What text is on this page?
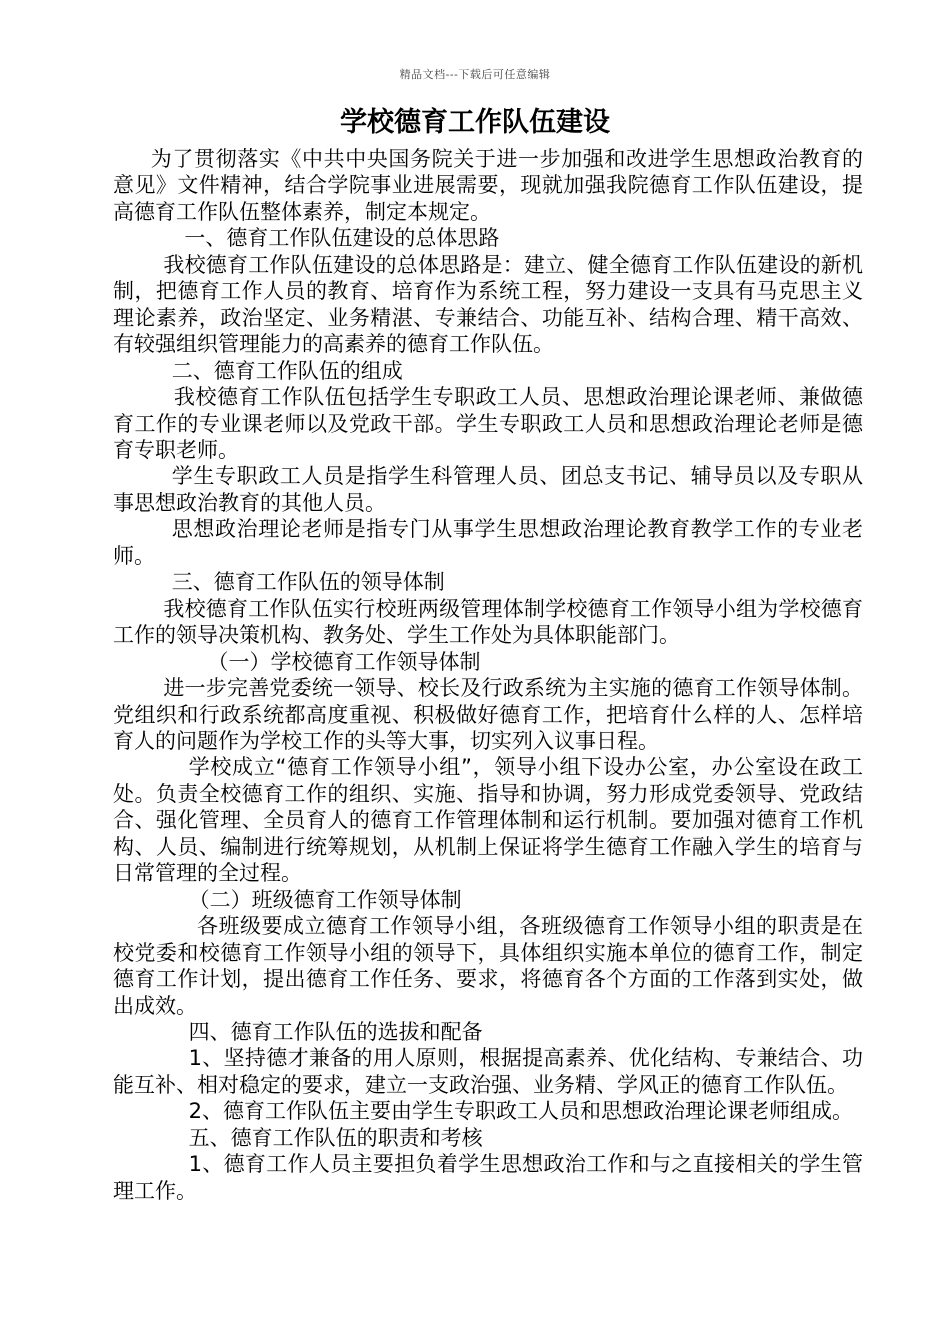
精品文档---下载后可任意编辑
学校德育工作队伍建设

为了贯彻落实《中共中央国务院关于进一步加强和改进学生思想政治教育的意见》文件精神，结合学院事业进展需要，现就加强我院德育工作队伍建设，提高德育工作队伍整体素养，制定本规定。

一、德育工作队伍建设的总体思路

我校德育工作队伍建设的总体思路是：建立、健全德育工作队伍建设的新机制，把德育工作人员的教育、培育作为系统工程，努力建设一支具有马克思主义理论素养，政治坚定、业务精湛、专兼结合、功能互补、结构合理、精干高效、有较强组织管理能力的高素养的德育工作队伍。

二、德育工作队伍的组成

我校德育工作队伍包括学生专职政工人员、思想政治理论课老师、兼做德育工作的专业课老师以及党政干部。学生专职政工人员和思想政治理论老师是德育专职老师。

学生专职政工人员是指学生科管理人员、团总支书记、辅导员以及专职从事思想政治教育的其他人员。

思想政治理论老师是指专门从事学生思想政治理论教育教学工作的专业老师。

三、德育工作队伍的领导体制

我校德育工作队伍实行校班两级管理体制学校德育工作领导小组为学校德育工作的领导决策机构、教务处、学生工作处为具体职能部门。

（一）学校德育工作领导体制

进一步完善党委统一领导、校长及行政系统为主实施的德育工作领导体制。党组织和行政系统都高度重视、积极做好德育工作，把培育什么样的人、怎样培育人的问题作为学校工作的头等大事，切实列入议事日程。

学校成立“德育工作领导小组”，领导小组下设办公室，办公室设在政工处。负责全校德育工作的组织、实施、指导和协调，努力形成党委领导、党政结合、强化管理、全员育人的德育工作管理体制和运行机制。要加强对德育工作机构、人员、编制进行统筹规划，从机制上保证将学生德育工作融入学生的培育与日常管理的全过程。

（二）班级德育工作领导体制

各班级要成立德育工作领导小组，各班级德育工作领导小组的职责是在校党委和校德育工作领导小组的领导下，具体组织实施本单位的德育工作，制定德育工作计划，提出德育工作任务、要求，将德育各个方面的工作落到实处，做出成效。

四、德育工作队伍的选拔和配备

1、坚持德才兼备的用人原则，根据提高素养、优化结构、专兼结合、功能互补、相对稳定的要求，建立一支政治强、业务精、学风正的德育工作队伍。

2、德育工作队伍主要由学生专职政工人员和思想政治理论课老师组成。

五、德育工作队伍的职责和考核

1、德育工作人员主要担负着学生思想政治工作和与之直接相关的学生管理工作。
